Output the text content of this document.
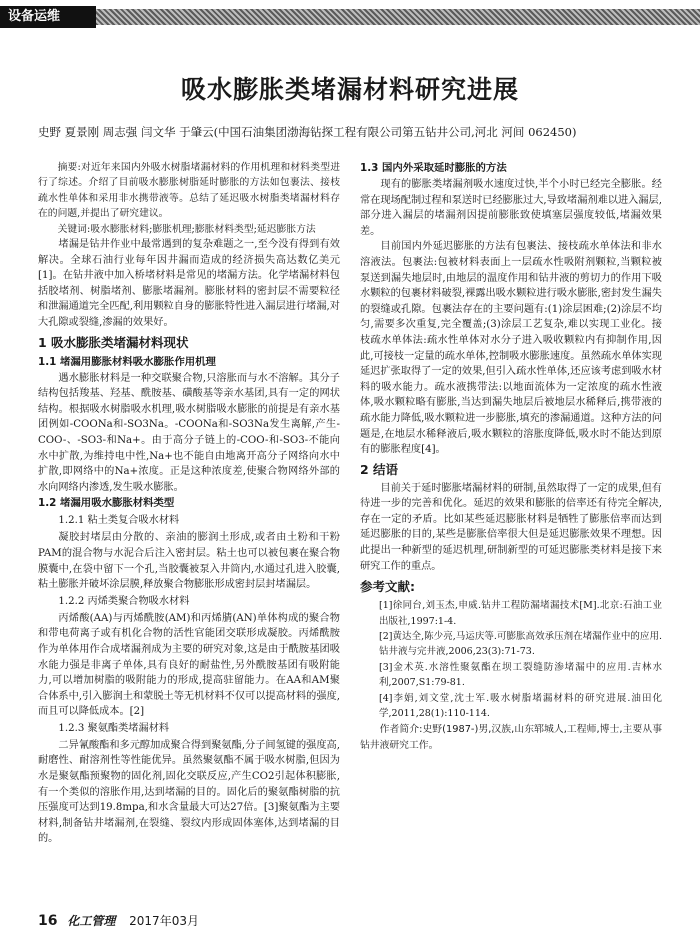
设备运维
吸水膨胀类堵漏材料研究进展
史野 夏景刚 周志强 闫文华 于肇云(中国石油集团渤海钻探工程有限公司第五钻井公司,河北 河间 062450)

摘要:对近年来国内外吸水树脂堵漏材料的作用机理和材料类型进行了综述。介绍了目前吸水膨胀树脂延时膨胀的方法如包裹法、接枝疏水性单体和采用非水携带液等。总结了延迟吸水树脂类堵漏材料存在的问题,并提出了研究建议。

关键词:吸水膨胀材料;膨胀机理;膨胀材料类型;延迟膨胀方法

堵漏是钻井作业中最常遇到的复杂难题之一,至今没有得到有效解决。全球石油行业每年因井漏而造成的经济损失高达数亿美元[1]。在钻井液中加入桥堵材料是常见的堵漏方法。化学堵漏材料包括胶堵剂、树脂堵剂、膨胀堵漏剂。膨胀材料的密封层不需要粒径和泄漏通道完全匹配,利用颗粒自身的膨胀特性进入漏层进行堵漏,对大孔隙或裂缝,渗漏的效果好。

1 吸水膨胀类堵漏材料现状
1.1 堵漏用膨胀材料吸水膨胀作用机理

遇水膨胀材料是一种交联聚合物,只溶胀而与水不溶解。其分子结构包括羧基、羟基、酰胺基、磺酸基等亲水基团,具有一定的网状结构。根据吸水树脂吸水机理,吸水树脂吸水膨胀的前提是有亲水基团例如-COONa和-SO3Na。-COONa和-SO3Na发生离解,产生-COO-、-SO3-和Na+。由于高分子链上的-COO-和-SO3-不能向水中扩散,为维持电中性,Na+也不能自由地离开高分子网络向水中扩散,即网络中的Na+浓度。正是这种浓度差,使聚合物网络外部的水向网络内渗透,发生吸水膨胀。

1.2 堵漏用吸水膨胀材料类型
1.2.1 粘土类复合吸水材料

凝胶封堵层由分散的、亲油的膨润土形成,或者由土粉和干粉PAM的混合物与水泥合后注入密封层。粘土也可以被包裹在聚合物膜囊中,在袋中留下一个孔,当胶囊被泵入井筒内,水通过孔进入胶囊,粘土膨胀并破坏涂层膜,释放聚合物膨胀形成密封层封堵漏层。

1.2.2 丙烯类聚合物吸水材料

丙烯酸(AA)与丙烯酰胺(AM)和丙烯腈(AN)单体构成的聚合物和带电荷离子或有机化合物的活性官能团交联形成凝胶。丙烯酰胺作为单体用作合成堵漏剂成为主要的研究对象,这是由于酰胺基团吸水能力强是非离子单体,具有良好的耐盐性,另外酰胺基团有吸附能力,可以增加树脂的吸附能力的形成,提高驻留能力。在AA和AM聚合体系中,引入膨润土和蒙脱土等无机材料不仅可以提高材料的强度,而且可以降低成本。[2]

1.2.3 聚氨酯类堵漏材料

二异氰酸酯和多元醇加成聚合得到聚氨酯,分子间氢键的强度高,耐磨性、耐溶剂性等性能优异。虽然聚氨酯不属于吸水树脂,但因为水是聚氨酯预聚物的固化剂,固化交联反应,产生CO2引起体积膨胀,有一个类似的溶胀作用,达到堵漏的目的。固化后的聚氨酯树脂的抗压强度可达到19.8mpa,和水含量最大可达27倍。[3]聚氨酯为主要材料,制备钻井堵漏剂,在裂缝、裂纹内形成固体塞体,达到堵漏的目的。

1.3 国内外采取延时膨胀的方法

现有的膨胀类堵漏剂吸水速度过快,半个小时已经完全膨胀。经常在现场配制过程和泵送时已经膨胀过大,导致堵漏剂难以进入漏层,部分进入漏层的堵漏剂因提前膨胀致使填塞层强度较低,堵漏效果差。

目前国内外延迟膨胀的方法有包裹法、接枝疏水单体法和非水溶液法。包裹法:包被材料表面上一层疏水性吸附剂颗粒,当颗粒被泵送到漏失地层时,由地层的温度作用和钻井液的剪切力的作用下吸水颗粒的包裹材料破裂,裸露出吸水颗粒进行吸水膨胀,密封发生漏失的裂缝或孔隙。包裹法存在的主要问题有:(1)涂层困难;(2)涂层不均匀,需要多次重复,完全覆盖;(3)涂层工艺复杂,难以实现工业化。接枝疏水单体法:疏水性单体对水分子进入吸收颗粒内有抑制作用,因此,可接枝一定量的疏水单体,控制吸水膨胀速度。虽然疏水单体实现延迟扩张取得了一定的效果,但引入疏水性单体,还应该考虑到吸水材料的吸水能力。疏水液携带法:以地面流体为一定浓度的疏水性液体,吸水颗粒略有膨胀,当达到漏失地层后被地层水稀释后,携带液的疏水能力降低,吸水颗粒进一步膨胀,填充的渗漏通道。这种方法的问题是,在地层水稀释液后,吸水颗粒的溶胀度降低,吸水时不能达到原有的膨胀程度[4]。

2 结语

目前关于延时膨胀堵漏材料的研制,虽然取得了一定的成果,但有待进一步的完善和优化。延迟的效果和膨胀的倍率还有待完全解决,存在一定的矛盾。比如某些延迟膨胀材料是牺牲了膨胀倍率而达到延迟膨胀的目的,某些是膨胀倍率很大但是延迟膨胀效果不理想。因此提出一种新型的延迟机理,研制新型的可延迟膨胀类材料是接下来研究工作的重点。

参考文献:
[1]徐同台,刘玉杰,申威.钻井工程防漏堵漏技术[M].北京:石油工业出版社,1997:1-4.
[2]黄达全,陈少亮,马运庆等.可膨胀高效承压剂在堵漏作业中的应用.钻井液与完井液,2006,23(3):71-73.
[3]金术英.水溶性聚氨酯在坝工裂缝防渗堵漏中的应用.吉林水利,2007,S1:79-81.
[4]李娟,刘文堂,沈士军.吸水树脂堵漏材料的研究进展.油田化学,2011,28(1):110-114.
作者简介:史野(1987-)男,汉族,山东郓城人,工程师,博士,主要从事钻井液研究工作。
16 化工管理 2017年03月
